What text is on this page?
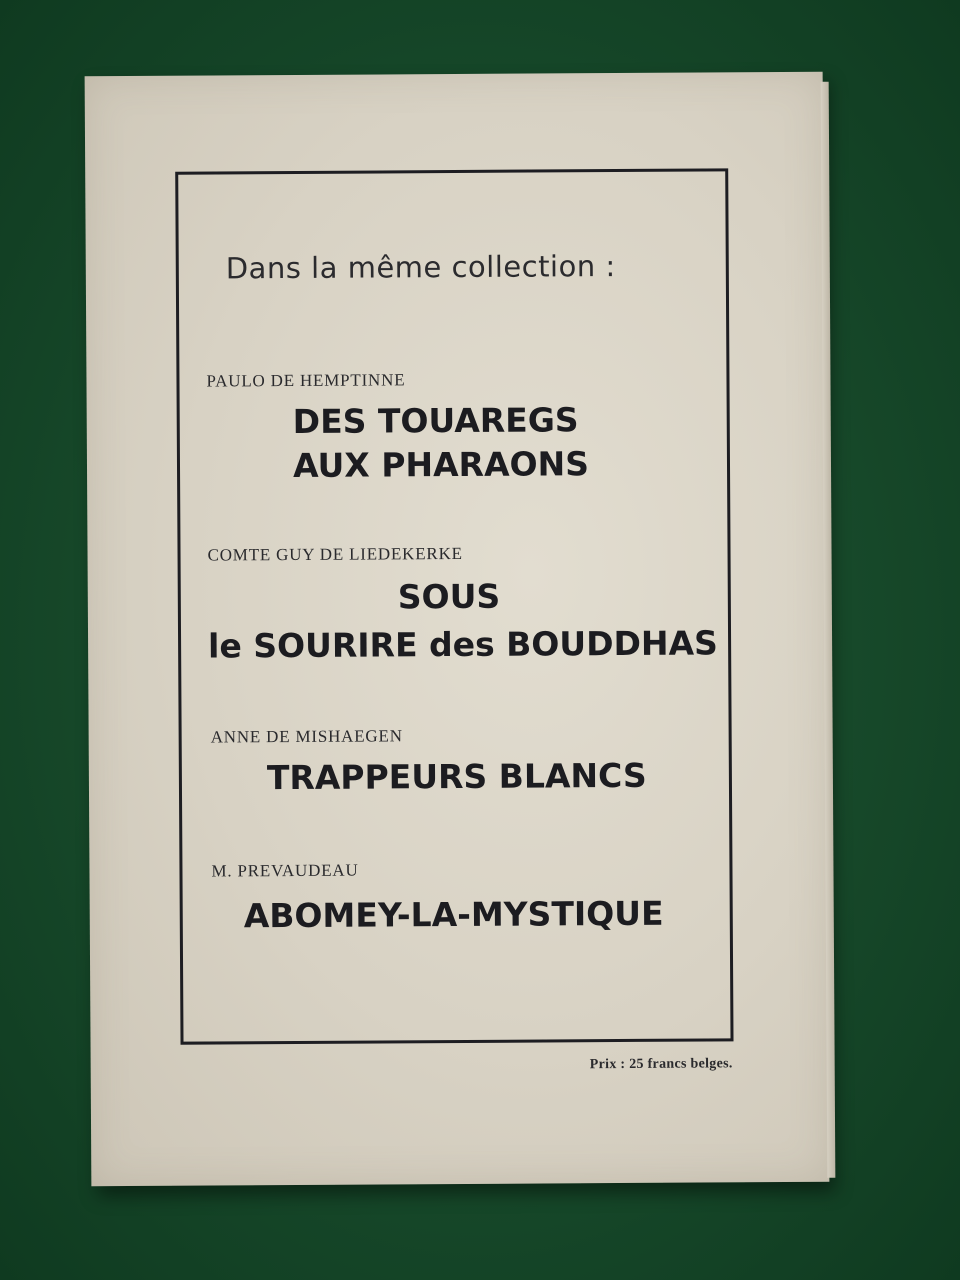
Dans la même collection :
PAULO DE HEMPTINNE
DES TOUAREGS
AUX PHARAONS
COMTE GUY DE LIEDEKERKE
SOUS
le SOURIRE des BOUDDHAS
ANNE DE MISHAEGEN
TRAPPEURS BLANCS
M. PREVAUDEAU
ABOMEY-LA-MYSTIQUE
Prix : 25 francs belges.
